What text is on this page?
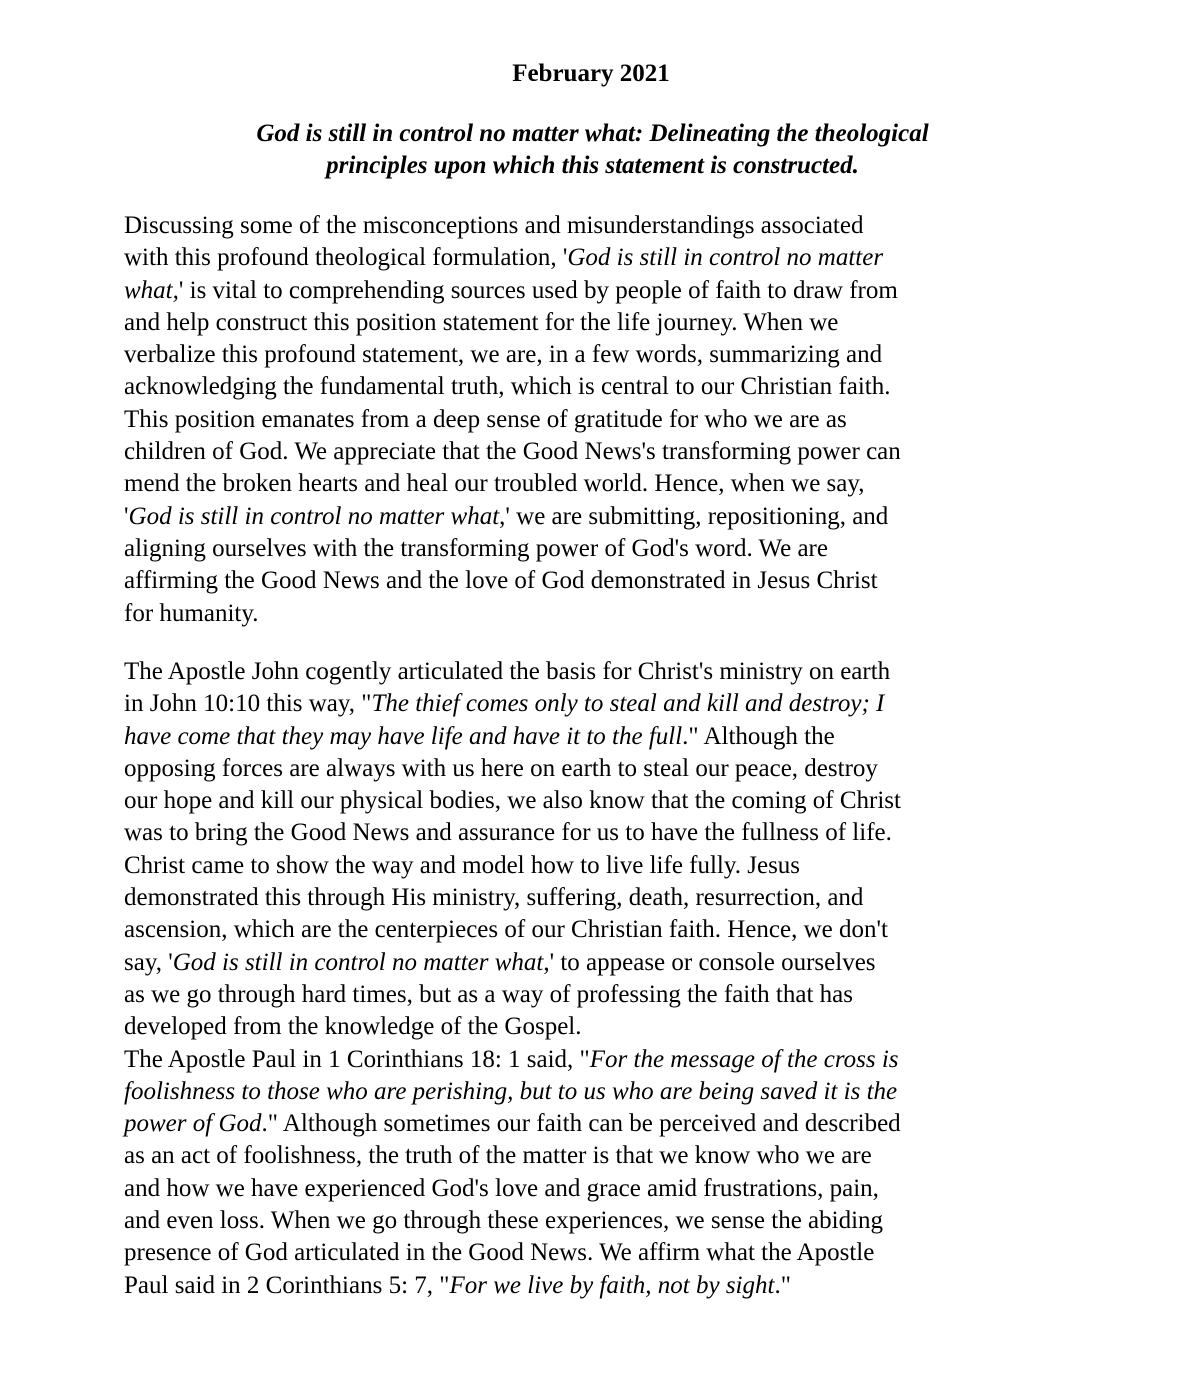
February 2021
God is still in control no matter what: Delineating the theological
principles upon which this statement is constructed.
Discussing some of the misconceptions and misunderstandings associated
with this profound theological formulation, 'God is still in control no matter
what,' is vital to comprehending sources used by people of faith to draw from
and help construct this position statement for the life journey. When we
verbalize this profound statement, we are, in a few words, summarizing and
acknowledging the fundamental truth, which is central to our Christian faith.
This position emanates from a deep sense of gratitude for who we are as
children of God. We appreciate that the Good News's transforming power can
mend the broken hearts and heal our troubled world. Hence, when we say,
'God is still in control no matter what,' we are submitting, repositioning, and
aligning ourselves with the transforming power of God's word. We are
affirming the Good News and the love of God demonstrated in Jesus Christ
for humanity.
The Apostle John cogently articulated the basis for Christ's ministry on earth
in John 10:10 this way, "The thief comes only to steal and kill and destroy; I
have come that they may have life and have it to the full." Although the
opposing forces are always with us here on earth to steal our peace, destroy
our hope and kill our physical bodies, we also know that the coming of Christ
was to bring the Good News and assurance for us to have the fullness of life.
Christ came to show the way and model how to live life fully. Jesus
demonstrated this through His ministry, suffering, death, resurrection, and
ascension, which are the centerpieces of our Christian faith. Hence, we don't
say, 'God is still in control no matter what,' to appease or console ourselves
as we go through hard times, but as a way of professing the faith that has
developed from the knowledge of the Gospel.
The Apostle Paul in 1 Corinthians 18: 1 said, "For the message of the cross is
foolishness to those who are perishing, but to us who are being saved it is the
power of God." Although sometimes our faith can be perceived and described
as an act of foolishness, the truth of the matter is that we know who we are
and how we have experienced God's love and grace amid frustrations, pain,
and even loss. When we go through these experiences, we sense the abiding
presence of God articulated in the Good News. We affirm what the Apostle
Paul said in 2 Corinthians 5: 7, "For we live by faith, not by sight."
